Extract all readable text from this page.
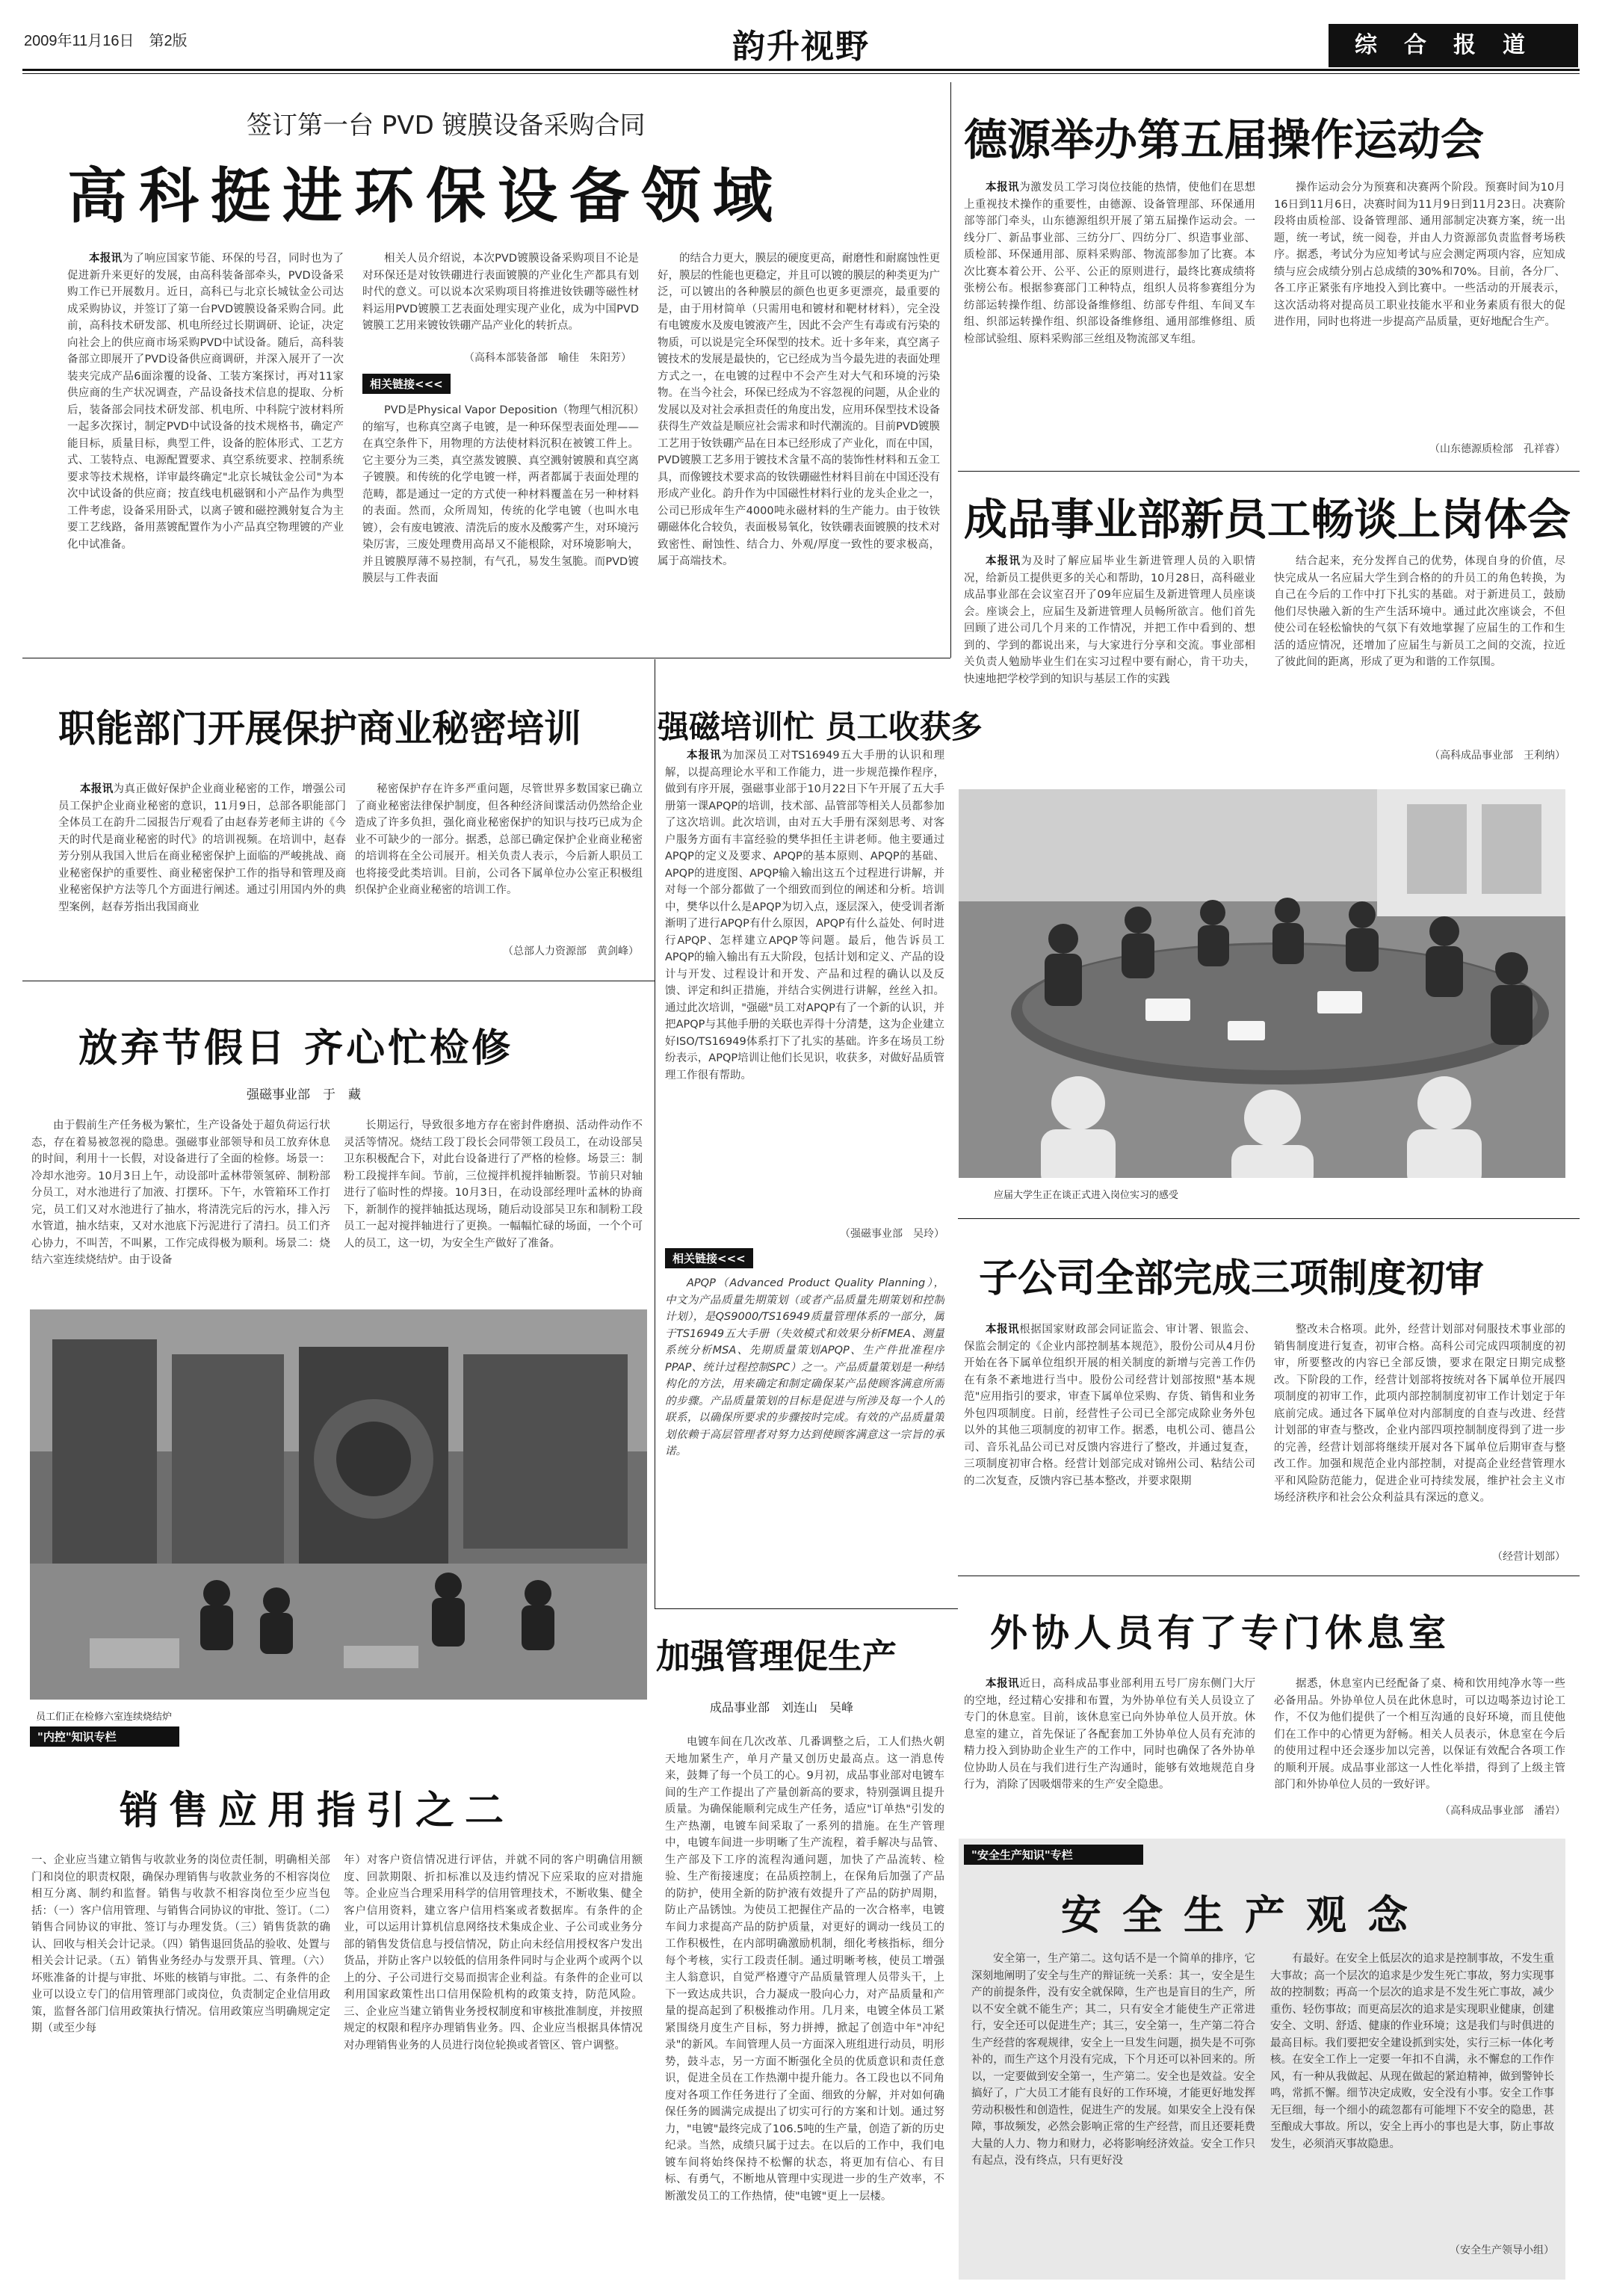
2009年11月16日　第2版	韵升视野	综合报道
签订第一台 PVD 镀膜设备采购合同
高科挺进环保设备领域
本报讯为了响应国家节能、环保的号召，同时也为了促进新升来更好的发展，由高科装备部牵头，PVD设备采购工作已开展数月。近日，高科已与北京长城钛金公司达成采购协议，并签订了第一台PVD镀膜设备采购合同。此前，高科技术研发部、机电所经过长期调研、论证，决定向社会上的供应商市场采购PVD中试设备。随后，高科装备部立即展开了PVD设备供应商调研，并深入展开了一次装夹完成产品6面涂覆的设备、工装方案探讨，再对11家供应商的生产状况调查，产品设备技术信息的提取、分析后，装备部会同技术研发部、机电所、中科院宁波材料所一起多次探讨，制定PVD中试设备的技术规格书，确定产能目标，质量目标，典型工件，设备的腔体形式、工艺方式、工装特点、电源配置要求、真空系统要求、控制系统要求等技术规格，详审最终确定"北京长城钛金公司"为本次中试设备的供应商；按直线电机磁钢和小产品作为典型工件考虑，设备采用卧式，以离子镀和磁控溅射复合为主要工艺线路，备用蒸镀配置作为小产品真空物理镀的产业化中试准备。
相关人员介绍说，本次PVD镀膜设备采购项目不论是对环保还是对钕铁硼进行表面镀膜的产业化生产都具有划时代的意义。可以说本次采购项目将推进钕铁硼等磁性材料运用PVD镀膜工艺表面处理实现产业化，成为中国PVD镀膜工艺用来镀钕铁硼产品产业化的转折点。
（高科本部装备部　喻佳　朱阳芳）
相关链接<<<
PVD是Physical Vapor Deposition（物理气相沉积）的缩写，也称真空离子电镀，是一种环保型表面处理——在真空条件下，用物理的方法使材料沉积在被镀工件上。它主要分为三类，真空蒸发镀膜、真空溅射镀膜和真空离子镀膜。和传统的化学电镀一样，两者都属于表面处理的范畴，都是通过一定的方式使一种材料覆盖在另一种材料的表面。然而，众所周知，传统的化学电镀（也叫水电镀），会有废电镀液、清洗后的废水及酸雾产生，对环境污染厉害，三废处理费用高昂又不能根除，对环境影响大，并且镀膜厚薄不易控制，有气孔，易发生氢脆。而PVD镀膜层与工件表面
的结合力更大，膜层的硬度更高，耐磨性和耐腐蚀性更好，膜层的性能也更稳定，并且可以镀的膜层的种类更为广泛，可以镀出的各种膜层的颜色也更多更漂亮，最重要的是，由于用材简单（只需用电和镀材和靶材材料），完全没有电镀废水及废电镀液产生，因此不会产生有毒或有污染的物质，可以说是完全环保型的技术。近十多年来，真空离子镀技术的发展是最快的，它已经成为当今最先进的表面处理方式之一，在电镀的过程中不会产生对大气和环境的污染物。在当今社会，环保已经成为不容忽视的问题，从企业的发展以及对社会承担责任的角度出发，应用环保型技术设备获得生产效益是顺应社会需求和时代潮流的。目前PVD镀膜工艺用于钕铁硼产品在日本已经形成了产业化，而在中国，PVD镀膜工艺多用于镀技术含量不高的装饰性材料和五金工具，而像镀技术要求高的钕铁硼磁性材料目前在中国还没有形成产业化。韵升作为中国磁性材料行业的龙头企业之一，公司已形成年生产4000吨永磁材料的生产能力。由于钕铁硼磁体化合较负，表面极易氧化，钕铁硼表面镀膜的技术对致密性、耐蚀性、结合力、外观/厚度一致性的要求极高，属于高端技术。
德源举办第五届操作运动会
本报讯为激发员工学习岗位技能的热情，使他们在思想上重视技术操作的重要性，由德源、设备管理部、环保通用部等部门牵头，山东德源组织开展了第五届操作运动会。一线分厂、新品事业部、三纺分厂、四纺分厂、织造事业部、质检部、环保通用部、原料采购部、物流部参加了比赛。本次比赛本着公开、公平、公正的原则进行，最终比赛成绩将张榜公布。根据参赛部门工种特点，组织人员将参赛组分为纺部运转操作组、纺部设备维修组、纺部专件组、车间叉车组、织部运转操作组、织部设备维修组、通用部维修组、质检部试验组、原料采购部三丝组及物流部叉车组。
操作运动会分为预赛和决赛两个阶段。预赛时间为10月16日到11月6日，决赛时间为11月9日到11月23日。决赛阶段将由质检部、设备管理部、通用部制定决赛方案，统一出题，统一考试，统一阅卷，并由人力资源部负责监督考场秩序。据悉，考试分为应知考试与应会测定两项内容，应知成绩与应会成绩分别占总成绩的30%和70%。目前，各分厂、各工序正紧张有序地投入到比赛中。一些活动的开展表示，这次活动将对提高员工职业技能水平和业务素质有很大的促进作用，同时也将进一步提高产品质量，更好地配合生产。
（山东德源质检部　孔祥睿）
成品事业部新员工畅谈上岗体会
本报讯为及时了解应届毕业生新进管理人员的入职情况，给新员工提供更多的关心和帮助，10月28日，高科磁业成品事业部在会议室召开了09年应届生及新进管理人员座谈会。座谈会上，应届生及新进管理人员畅所欲言。他们首先回顾了进公司几个月来的工作情况，并把工作中看到的、想到的、学到的都说出来，与大家进行分享和交流。事业部相关负责人勉励毕业生们在实习过程中要有耐心，肯干功夫，快速地把学校学到的知识与基层工作的实践
结合起来，充分发挥自己的优势，体现自身的价值，尽快完成从一名应届大学生到合格的的升员工的角色转换，为自己在今后的工作中打下扎实的基础。对于新进员工，鼓励他们尽快融入新的生产生活环境中。通过此次座谈会，不但使公司在轻松愉快的气氛下有效地掌握了应届生的工作和生活的适应情况，还增加了应届生与新员工之间的交流，拉近了彼此间的距离，形成了更为和谐的工作氛围。
（高科成品事业部　王利纳）
应届大学生正在谈正式进入岗位实习的感受
职能部门开展保护商业秘密培训
本报讯为真正做好保护企业商业秘密的工作，增强公司员工保护企业商业秘密的意识，11月9日，总部各职能部门全体员工在韵升二园报告厅观看了由赵春芳老师主讲的《今天的时代是商业秘密的时代》的培训视频。在培训中，赵春芳分别从我国入世后在商业秘密保护上面临的严峻挑战、商业秘密保护的重要性、商业秘密保护工作的指导和管理及商业秘密保护方法等几个方面进行阐述。通过引用国内外的典型案例，赵春芳指出我国商业
秘密保护存在许多严重问题，尽管世界多数国家已确立了商业秘密法律保护制度，但各种经济间谍活动仍然给企业造成了许多负担，强化商业秘密保护的知识与技巧已成为企业不可缺少的一部分。据悉，总部已确定保护企业商业秘密的培训将在全公司展开。相关负责人表示，今后新人职员工也将接受此类培训。目前，公司各下属单位办公室正积极组织保护企业商业秘密的培训工作。
（总部人力资源部　黄剑峰）
强磁培训忙 员工收获多
本报讯为加深员工对TS16949五大手册的认识和理解，以提高理论水平和工作能力，进一步规范操作程序，做到有序开展，强磁事业部于10月22日下午开展了五大手册第一课APQP的培训，技术部、品管部等相关人员都参加了这次培训。此次培训，由对五大手册有深刻思考、对客户服务方面有丰富经验的樊华担任主讲老师。他主要通过APQP的定义及要求、APQP的基本原则、APQP的基础、APQP的进度图、APQP输入输出这五个过程进行讲解，并对每一个部分都做了一个细致而到位的阐述和分析。培训中，樊华以什么是APQP为切入点，逐层深入，使受训者渐渐明了进行APQP有什么原因，APQP有什么益处、何时进行APQP、怎样建立APQP等问题。最后，他告诉员工APQP的输入输出有五大阶段，包括计划和定义、产品的设计与开发、过程设计和开发、产品和过程的确认以及反馈、评定和纠正措施，并结合实例进行讲解，丝丝入扣。通过此次培训，"强磁"员工对APQP有了一个新的认识，并把APQP与其他手册的关联也弄得十分清楚，这为企业建立好ISO/TS16949体系打下了扎实的基础。许多在场员工纷纷表示，APQP培训让他们长见识，收获多，对做好品质管理工作很有帮助。
（强磁事业部　吴玲）
相关链接<<<
APQP（Advanced Product Quality Planning），中文为产品质量先期策划（或者产品质量先期策划和控制计划），是QS9000/TS16949质量管理体系的一部分，属于TS16949五大手册（失效模式和效果分析FMEA、测量系统分析MSA、先期质量策划APQP、生产件批准程序PPAP、统计过程控制SPC）之一。产品质量策划是一种结构化的方法，用来确定和制定确保某产品使顾客满意所需的步骤。产品质量策划的目标是促进与所涉及每一个人的联系，以确保所要求的步骤按时完成。有效的产品质量策划依赖于高层管理者对努力达到使顾客满意这一宗旨的承诺。
放弃节假日 齐心忙检修
强磁事业部　于　藏
由于假前生产任务极为繁忙，生产设备处于超负荷运行状态，存在着易被忽视的隐患。强磁事业部领导和员工放弃休息的时间，利用十一长假，对设备进行了全面的检修。场景一：冷却水池旁。10月3日上午，动设部叶孟林带领氢碎、制粉部分员工，对水池进行了加液、打摆环。下午，水管箱环工作打完，员工们又对水池进行了抽水，将清洗完后的污水，排入污水管道，抽水结束，又对水池底下污泥进行了清扫。员工们齐心协力，不叫苦，不叫累，工作完成得极为顺利。场景二：烧结六室连续烧结炉。由于设备
长期运行，导致很多地方存在密封件磨损、活动件动作不灵活等情况。烧结工段丁段长会同带领工段员工，在动设部吴卫东积极配合下，对此台设备进行了严格的检修。场景三：制粉工段搅拌车间。节前，三位搅拌机搅拌轴断裂。节前只对轴进行了临时性的焊接。10月3日，在动设部经理叶孟林的协商下，新制作的搅拌轴抵达现场，随后动设部吴卫东和制粉工段员工一起对搅拌轴进行了更换。一幅幅忙碌的场面，一个个可人的员工，这一切，为安全生产做好了准备。
员工们正在检修六室连续烧结炉
子公司全部完成三项制度初审
本报讯根据国家财政部会同证监会、审计署、银监会、保监会制定的《企业内部控制基本规范》，股份公司从4月份开始在各下属单位组织开展的相关制度的新增与完善工作仍在有条不紊地进行当中。股份公司经营计划部按照"基本规范"应用指引的要求，审查下属单位采购、存货、销售和业务外包四项制度。日前，经营性子公司已全部完成除业务外包以外的其他三项制度的初审工作。据悉，电机公司、德昌公司、音乐礼品公司已对反馈内容进行了整改，并通过复查，三项制度初审合格。经营计划部完成对锦州公司、粘结公司的二次复查，反馈内容已基本整改，并要求限期
整改未合格项。此外，经营计划部对伺服技术事业部的销售制度进行复查，初审合格。高科公司完成四项制度的初审，所要整改的内容已全部反馈，要求在限定日期完成整改。下阶段的工作，经营计划部将按统对各下属单位开展四项制度的初审工作，此项内部控制制度初审工作计划定于年底前完成。通过各下属单位对内部制度的自查与改进、经营计划部的审查与整改，企业内部四项控制制度得到了进一步的完善，经营计划部将继续开展对各下属单位后期审查与整改工作。加强和规范企业内部控制，对提高企业经营管理水平和风险防范能力，促进企业可持续发展，维护社会主义市场经济秩序和社会公众利益具有深远的意义。
（经营计划部）
加强管理促生产
成品事业部　刘连山　吴峰
电镀车间在几次改革、几番调整之后，工人们热火朝天地加紧生产，单月产量又创历史最高点。这一消息传来，鼓舞了每一个员工的心。9月初，成品事业部对电镀车间的生产工作提出了产量创新高的要求，特别强调且提升质量。为确保能顺利完成生产任务，适应"订单热"引发的生产热潮，电镀车间采取了一系列的措施。在生产管理中，电镀车间进一步明晰了生产流程，着手解决与品管、生产部及下工序的流程沟通问题，加快了产品流转、检验、生产衔接速度；在品质控制上，在保角后加强了产品的防护，使用全新的防护液有效提升了产品的防护周期，防止产品锈蚀。为使员工把握住产品的一次合格率，电镀车间力求提高产品的防护质量，对更好的调动一线员工的工作积极性，在内部明确激励机制，细化考核指标，细分每个考核，实行工段责任制。通过明晰考核，使员工增强主人翁意识，自觉严格遵守产品质量管理人员带头干，上下一致达成共识，合力凝成一股向心力，对产品质量和产量的提高起到了积极推动作用。几月来，电镀全体员工紧紧围绕月度生产目标，努力拼搏，掀起了创造中年"冲纪录"的新风。车间管理人员一方面深入班组进行动员，明形势，鼓斗志，另一方面不断强化全员的优质意识和责任意识，促进全员在工作热潮中提升能力。各工段也以不同角度对各项工作任务进行了全面、细致的分解，并对如何确保任务的圆满完成提出了切实可行的方案和计划。通过努力，"电镀"最终完成了106.5吨的生产量，创造了新的历史纪录。当然，成绩只属于过去。在以后的工作中，我们电镀车间将始终保持不松懈的状态，将更加有信心、有目标、有勇气，不断地从管理中实现进一步的生产效率，不断激发员工的工作热情，使"电镀"更上一层楼。
外协人员有了专门休息室
本报讯近日，高科成品事业部利用五号厂房东侧门大厅的空地，经过精心安排和布置，为外协单位有关人员设立了专门的休息室。目前，该休息室已向外协单位人员开放。休息室的建立，首先保证了各配套加工外协单位人员有充沛的精力投入到协助企业生产的工作中，同时也确保了各外协单位协助人员在与我们进行生产沟通时，能够有效地规范自身行为，消除了因吸烟带来的生产安全隐患。
据悉，休息室内已经配备了桌、椅和饮用纯净水等一些必备用品。外协单位人员在此休息时，可以边喝茶边讨论工作，不仅为他们提供了一个相互沟通的良好环境，而且使他们在工作中的心情更为舒畅。相关人员表示，休息室在今后的使用过程中还会逐步加以完善，以保证有效配合各项工作的顺利开展。成品事业部这一人性化举措，得到了上级主管部门和外协单位人员的一致好评。
（高科成品事业部　潘岩）
"内控"知识专栏
销售应用指引之二
一、企业应当建立销售与收款业务的岗位责任制，明确相关部门和岗位的职责权限，确保办理销售与收款业务的不相容岗位相互分离、制约和监督。销售与收款不相容岗位至少应当包括：（一）客户信用管理、与销售合同协议的审批、签订。（二）销售合同协议的审批、签订与办理发货。（三）销售货款的确认、回收与相关会计记录。（四）销售退回货品的验收、处置与相关会计记录。（五）销售业务经办与发票开具、管理。（六）坏账准备的计提与审批、坏账的核销与审批。二、有条件的企业可以设立专门的信用管理部门或岗位，负责制定企业信用政策，监督各部门信用政策执行情况。信用政策应当明确规定定期（或至少每
年）对客户资信情况进行评估，并就不同的客户明确信用额度、回款期限、折扣标准以及违约情况下应采取的应对措施等。企业应当合理采用科学的信用管理技术，不断收集、健全客户信用资料，建立客户信用档案或者数据库。有条件的企业，可以运用计算机信息网络技术集成企业、子公司或业务分部的销售发货信息与授信情况，防止向未经信用授权客户发出货品，并防止客户以较低的信用条件同时与企业两个或两个以上的分、子公司进行交易而损害企业利益。有条件的企业可以利用国家政策性出口信用保险机构的政策支持，防范风险。三、企业应当建立销售业务授权制度和审核批准制度，并按照规定的权限和程序办理销售业务。四、企业应当根据具体情况对办理销售业务的人员进行岗位轮换或者管区、管户调整。
"安全生产知识"专栏
安全生产观念
安全第一，生产第二。这句话不是一个简单的排序，它深刻地阐明了安全与生产的辩证统一关系：其一，安全是生产的前提条件，没有安全就保障，生产也是盲目的生产，所以不安全就不能生产；其二，只有安全才能使生产正常进行，安全还可以促进生产；其三，安全第一，生产第二符合生产经营的客观规律，安全上一旦发生问题，损失是不可弥补的，而生产这个月没有完成，下个月还可以补回来的。所以，一定要做到安全第一，生产第二。安全也是效益。安全搞好了，广大员工才能有良好的工作环境，才能更好地发挥劳动积极性和创造性，促进生产的发展。如果安全上没有保障，事故频发，必然会影响正常的生产经营，而且还要耗费大量的人力、物力和财力，必将影响经济效益。安全工作只有起点，没有终点，只有更好没
有最好。在安全上低层次的追求是控制事故，不发生重大事故；高一个层次的追求是少发生死亡事故，努力实现事故的控制数；再高一个层次的追求是不发生死亡事故，减少重伤、轻伤事故；而更高层次的追求是实现职业健康，创建安全、文明、舒适、健康的作业环境；这是我们与时俱进的最高目标。我们要把安全建设抓到实处，实行三标一体化考核。在安全工作上一定要一年扣不自满，永不懈怠的工作作风，有一种从我做起、从现在做起的紧迫精神，做到警钟长鸣，常抓不懈。细节决定成败，安全没有小事。安全工作事无巨细，每一个细小的疏忽都有可能埋下不安全的隐患，甚至酿成大事故。所以，安全上再小的事也是大事，防止事故发生，必须消灭事故隐患。
（安全生产领导小组）
